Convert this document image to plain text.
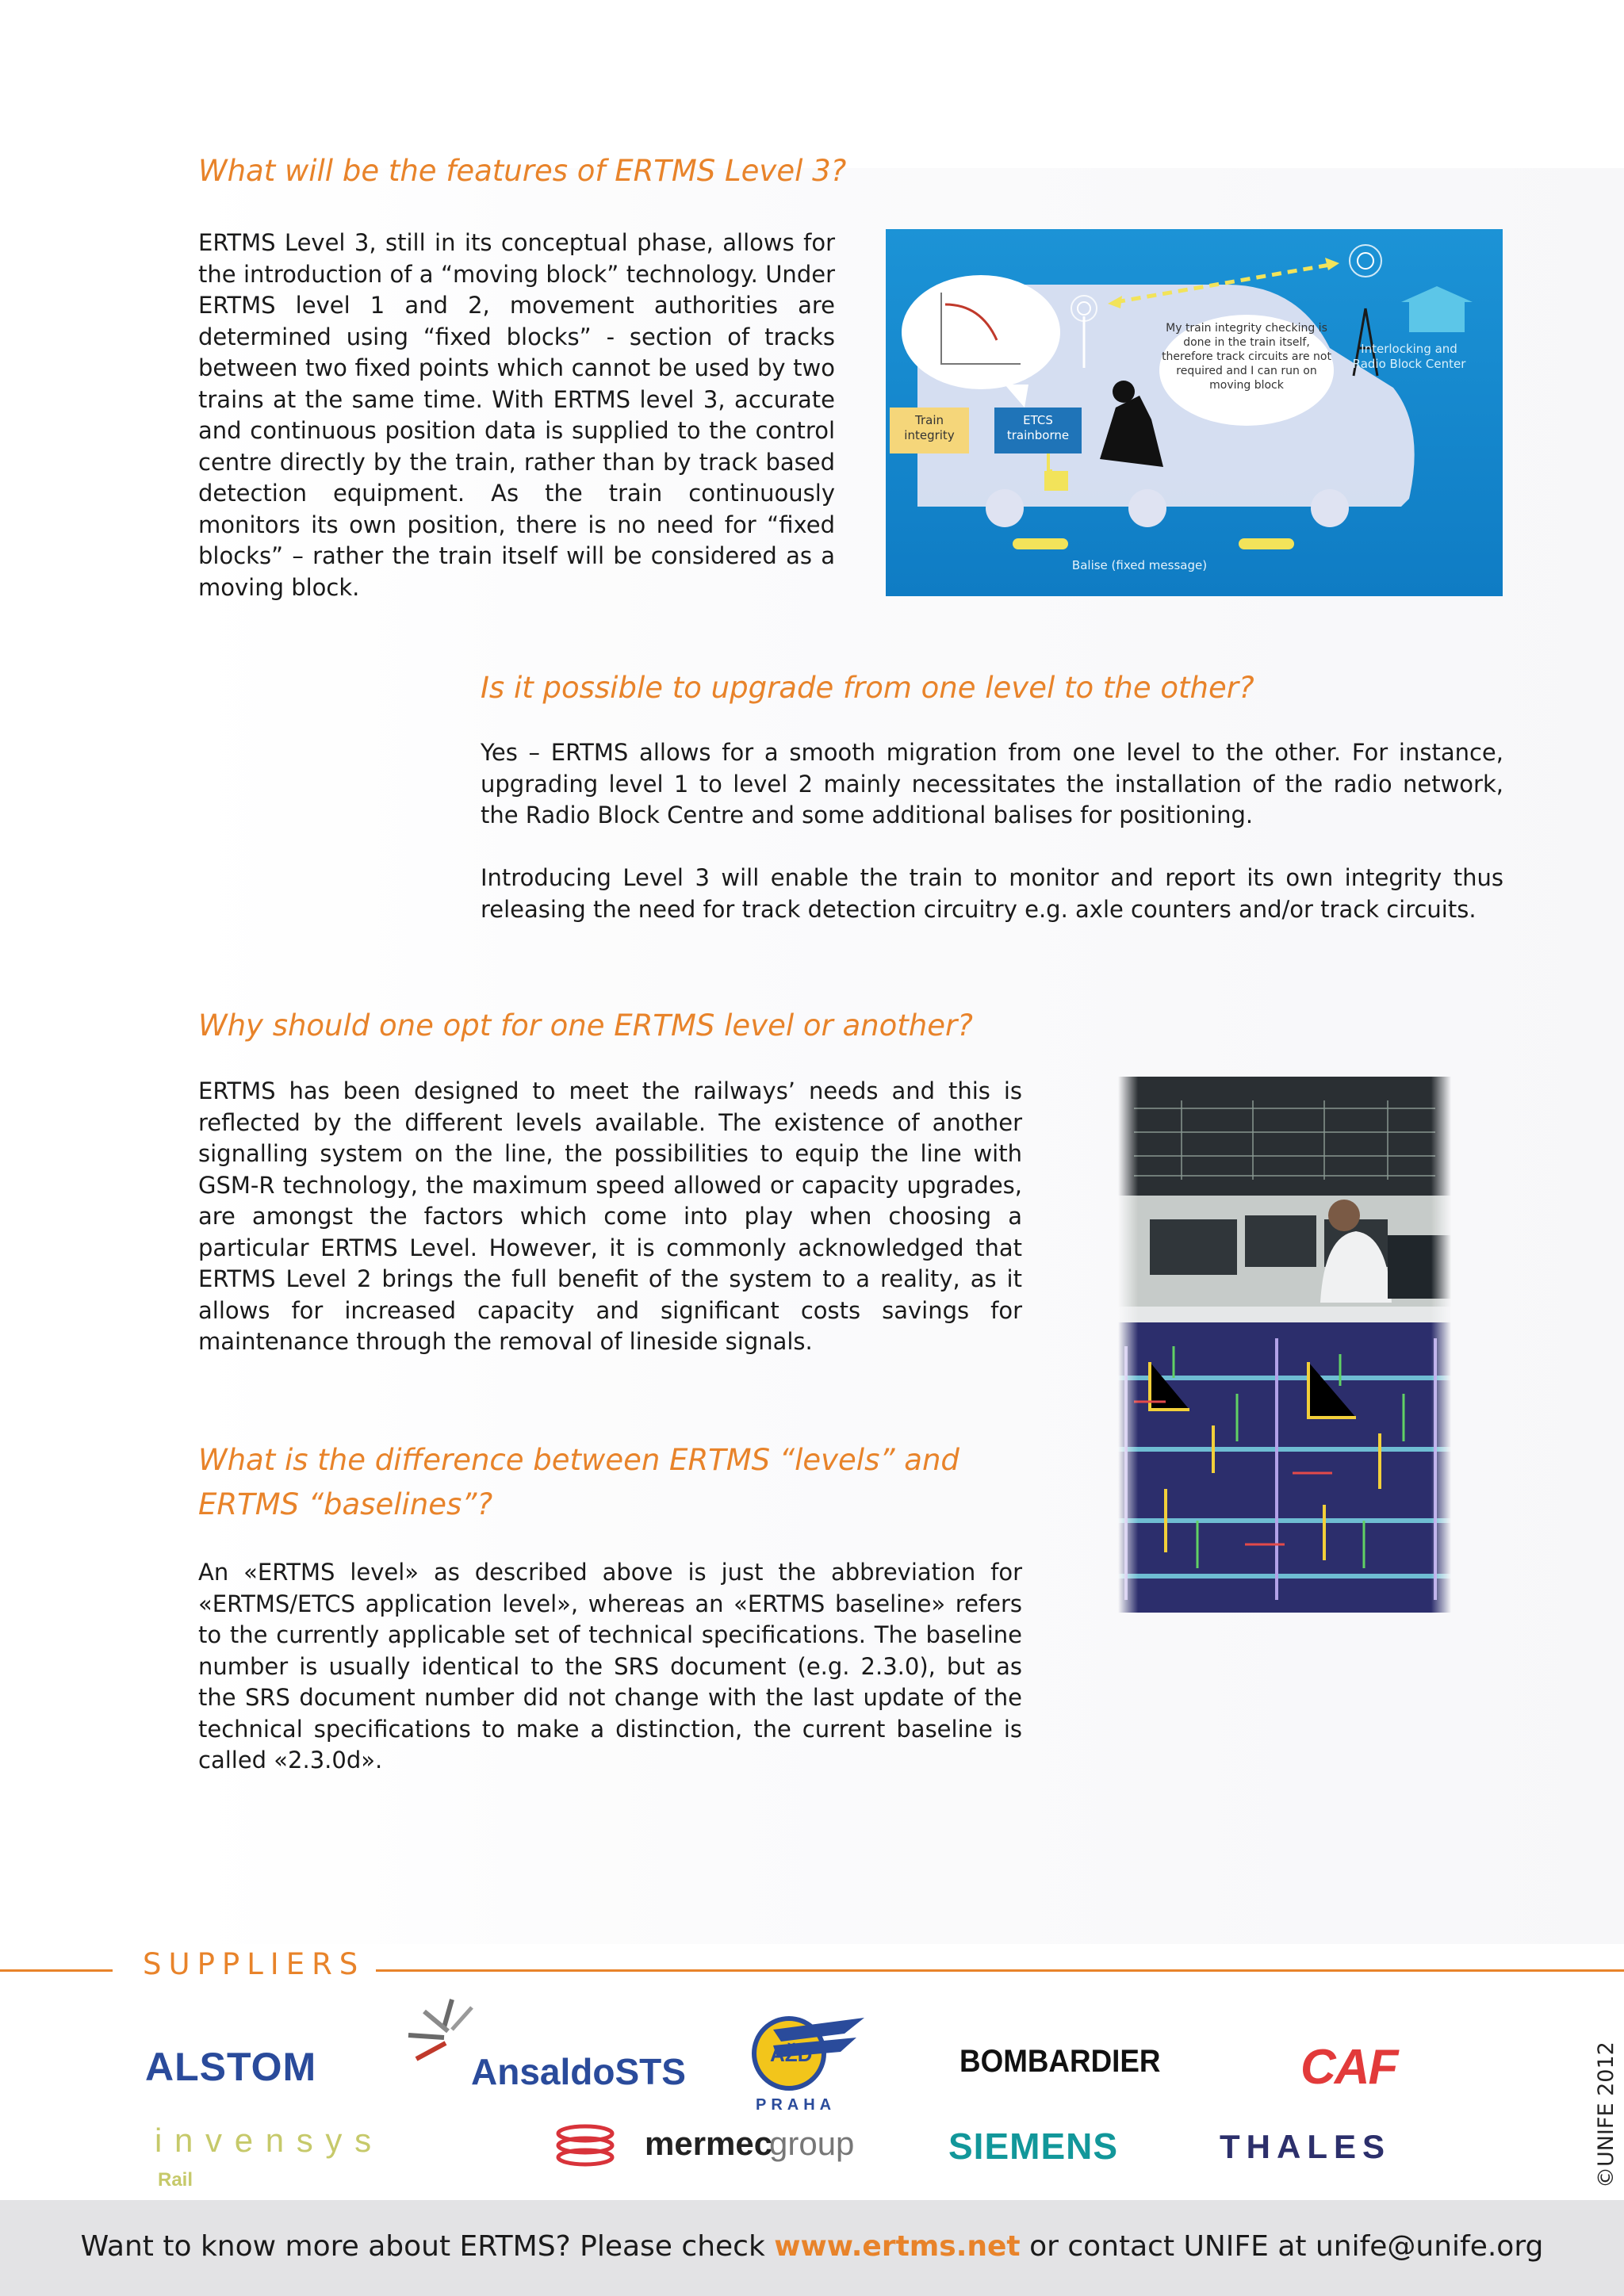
What will be the features of ERTMS Level 3?

ERTMS Level 3, still in its conceptual phase, allows for the introduction of a “moving block” technology. Under ERTMS level 1 and 2, movement authorities are determined using “fixed blocks” - section of tracks between two fixed points which cannot be used by two trains at the same time. With ERTMS level 3, accurate and continuous position data is supplied to the control centre directly by the train, rather than by track based detection equipment. As the train continuously monitors its own position, there is no need for “fixed blocks” – rather the train itself will be considered as a moving block.

My train integrity checking is done in the train itself, therefore track circuits are not required and I can run on moving block
Train integrity
ETCS trainborne
Interlocking and Radio Block Center
Balise (fixed message)
Is it possible to upgrade from one level to the other?

Yes – ERTMS allows for a smooth migration from one level to the other. For instance, upgrading level 1 to level 2 mainly necessitates the installation of the radio network, the Radio Block Centre and some additional balises for positioning.

Introducing Level 3 will enable the train to monitor and report its own integrity thus releasing the need for track detection circuitry e.g. axle counters and/or track circuits.

Why should one opt for one ERTMS level or another?

ERTMS has been designed to meet the railways’ needs and this is reflected by the different levels available. The existence of another signalling system on the line, the possibilities to equip the line with GSM-R technology, the maximum speed allowed or capacity upgrades, are amongst the factors which come into play when choosing a particular ERTMS Level. However, it is commonly acknowledged that ERTMS Level 2 brings the full benefit of the system to a reality, as it allows for increased capacity and significant costs savings for maintenance through the removal of lineside signals.

What is the difference between ERTMS “levels” and
ERTMS “baselines”?

An «ERTMS level» as described above is just the abbreviation for «ERTMS/ETCS application level», whereas an «ERTMS baseline» refers to the currently applicable set of technical specifications. The baseline number is usually identical to the SRS document (e.g. 2.3.0), but as the SRS document number did not change with the last update of the technical specifications to make a distinction, the current baseline is called «2.3.0d».

SUPPLIERS
ALSTOM	AnsaldoSTS	AŽD
PRAHA
BOMBARDIER	CAF
i n v e n s y s
Rail
mermec
group	SIEMENS	THALES	©UNIFE 2012

Want to know more about ERTMS? Please check www.ertms.net or contact UNIFE at unife@unife.org
